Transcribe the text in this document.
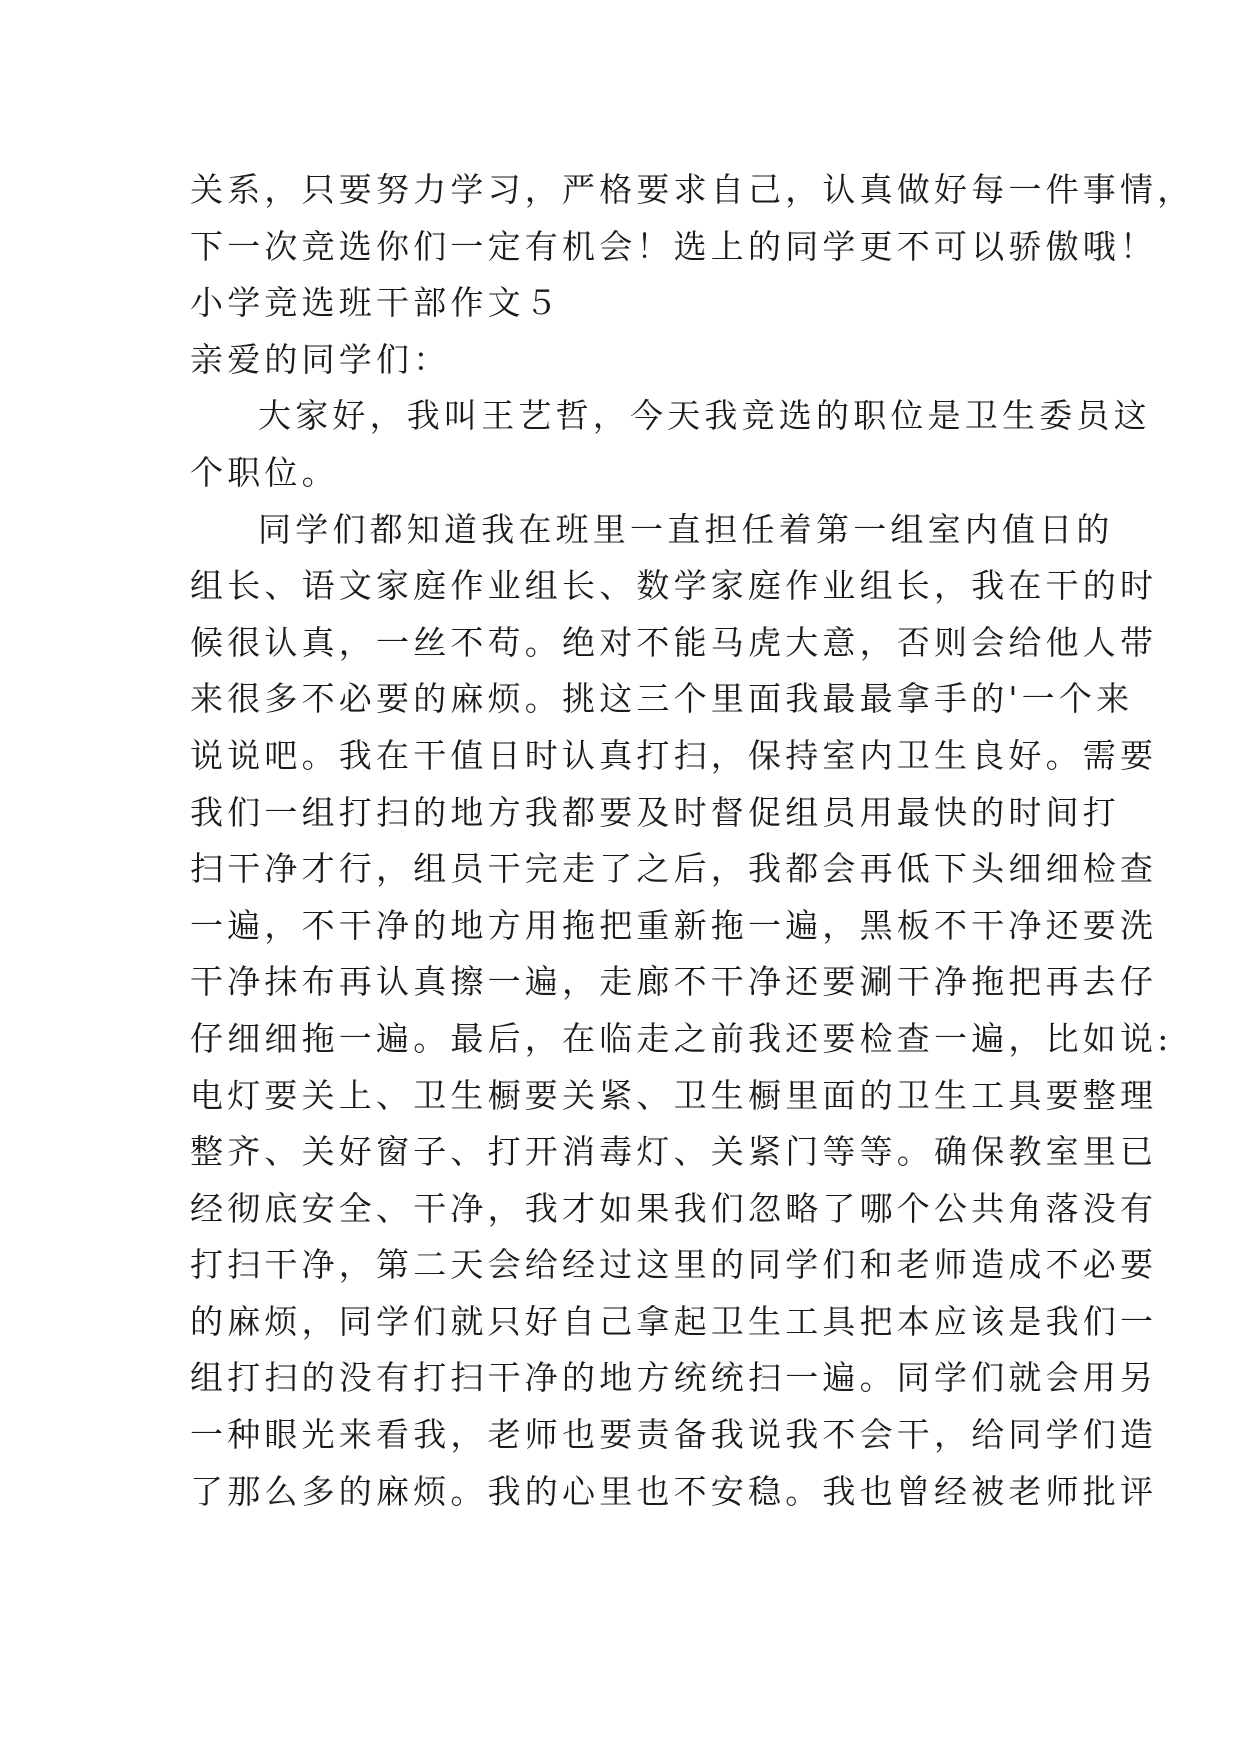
关系，只要努力学习，严格要求自己，认真做好每一件事情，
下一次竞选你们一定有机会！选上的同学更不可以骄傲哦！
小学竞选班干部作文５
亲爱的同学们：
大家好，我叫王艺哲，今天我竞选的职位是卫生委员这
个职位。
同学们都知道我在班里一直担任着第一组室内值日的
组长、语文家庭作业组长、数学家庭作业组长，我在干的时
候很认真，一丝不苟。绝对不能马虎大意，否则会给他人带
来很多不必要的麻烦。挑这三个里面我最最拿手的'一个来
说说吧。我在干值日时认真打扫，保持室内卫生良好。需要
我们一组打扫的地方我都要及时督促组员用最快的时间打
扫干净才行，组员干完走了之后，我都会再低下头细细检查
一遍，不干净的地方用拖把重新拖一遍，黑板不干净还要洗
干净抹布再认真擦一遍，走廊不干净还要涮干净拖把再去仔
仔细细拖一遍。最后，在临走之前我还要检查一遍，比如说:
电灯要关上、卫生橱要关紧、卫生橱里面的卫生工具要整理
整齐、关好窗子、打开消毒灯、关紧门等等。确保教室里已
经彻底安全、干净，我才如果我们忽略了哪个公共角落没有
打扫干净，第二天会给经过这里的同学们和老师造成不必要
的麻烦，同学们就只好自己拿起卫生工具把本应该是我们一
组打扫的没有打扫干净的地方统统扫一遍。同学们就会用另
一种眼光来看我，老师也要责备我说我不会干，给同学们造
了那么多的麻烦。我的心里也不安稳。我也曾经被老师批评
